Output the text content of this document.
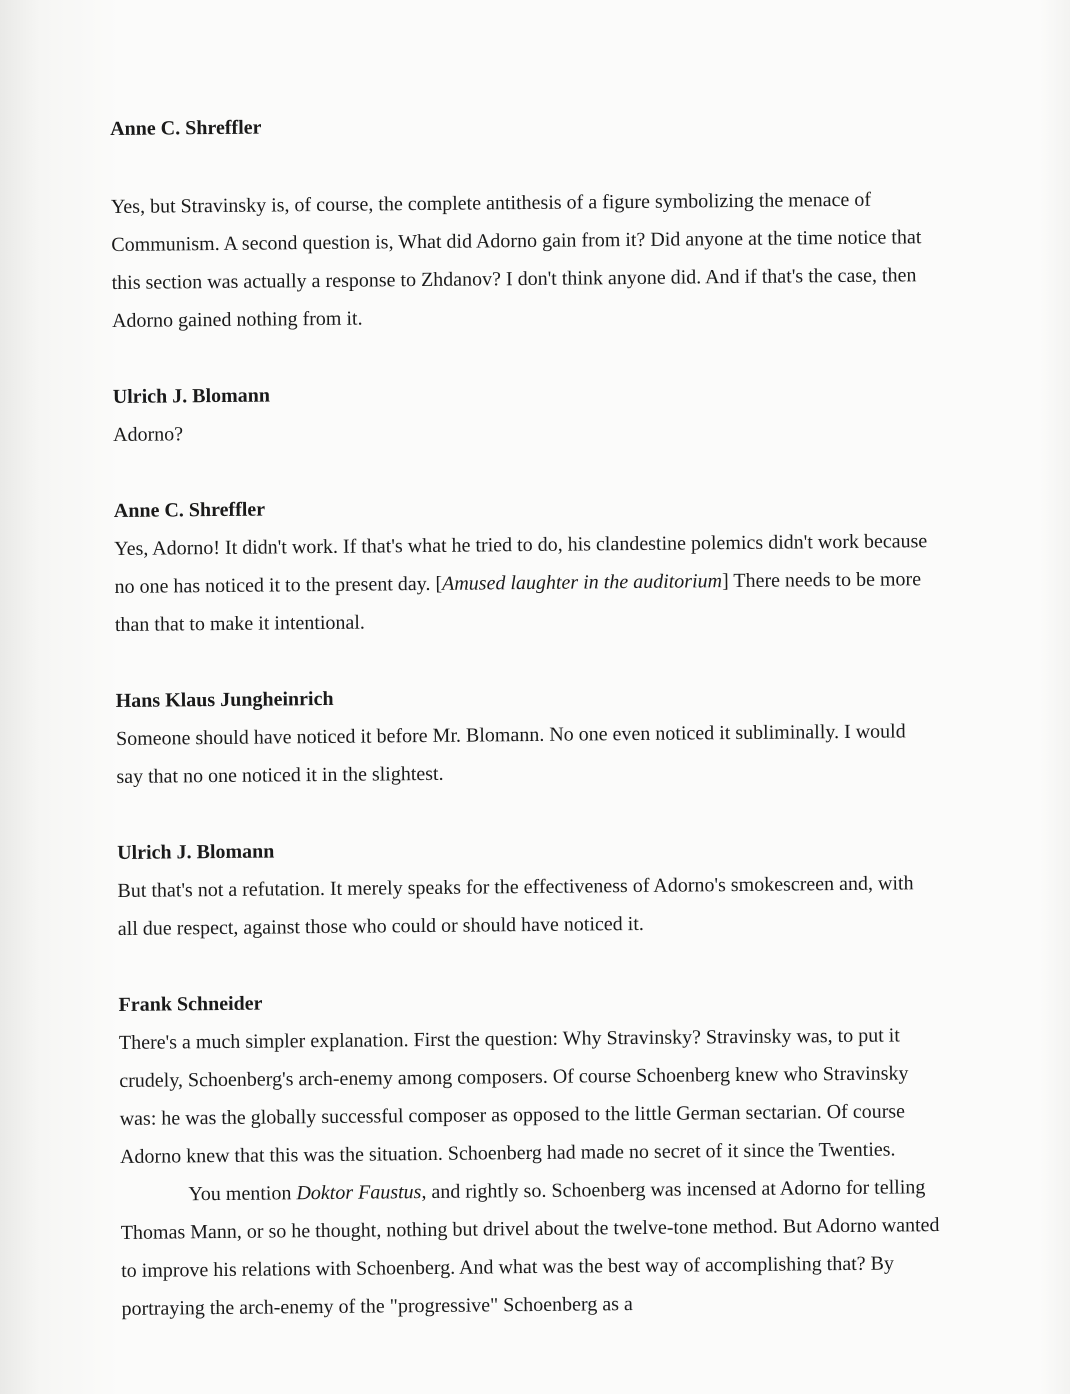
Anne C. Shreffler

Yes, but Stravinsky is, of course, the complete antithesis of a figure symbolizing the menace of Communism. A second question is, What did Adorno gain from it? Did anyone at the time notice that this section was actually a response to Zhdanov? I don't think anyone did. And if that's the case, then Adorno gained nothing from it.

Ulrich J. Blomann

Adorno?

Anne C. Shreffler

Yes, Adorno! It didn't work. If that's what he tried to do, his clandestine polemics didn't work because no one has noticed it to the present day. [Amused laughter in the auditorium] There needs to be more than that to make it intentional.

Hans Klaus Jungheinrich

Someone should have noticed it before Mr. Blomann. No one even noticed it subliminally. I would say that no one noticed it in the slightest.

Ulrich J. Blomann

But that's not a refutation. It merely speaks for the effectiveness of Adorno's smokescreen and, with all due respect, against those who could or should have noticed it.

Frank Schneider

There's a much simpler explanation. First the question: Why Stravinsky? Stravinsky was, to put it crudely, Schoenberg's arch-enemy among composers. Of course Schoenberg knew who Stravinsky was: he was the globally successful composer as opposed to the little German sectarian. Of course Adorno knew that this was the situation. Schoenberg had made no secret of it since the Twenties.

You mention Doktor Faustus, and rightly so. Schoenberg was incensed at Adorno for telling Thomas Mann, or so he thought, nothing but drivel about the twelve-tone method. But Adorno wanted to improve his relations with Schoenberg. And what was the best way of accomplishing that? By portraying the arch-enemy of the "progressive" Schoenberg as a
